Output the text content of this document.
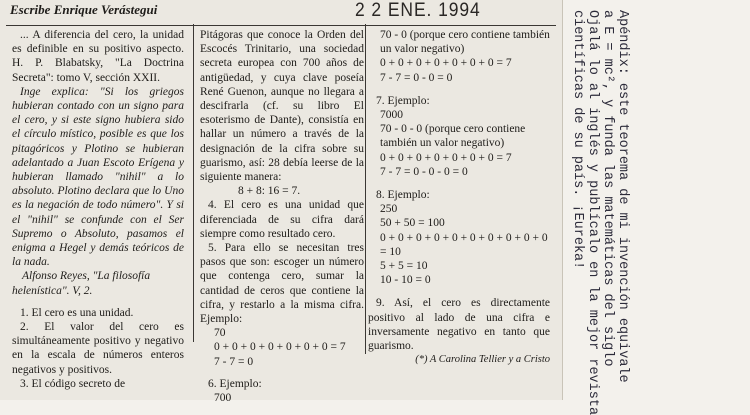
Escribe Enrique Verástegui	2 2 ENE. 1994

... A diferencia del cero, la unidad es definible en su positivo aspecto. H. P. Blabatsky, "La Doctrina Secreta": tomo V, sección XXII.

Inge explica: "Si los griegos hubieran contado con un signo para el cero, y si este signo hubiera sido el círculo místico, posible es que los pitagóricos y Plotino se hubieran adelantado a Juan Escoto Erígena y hubieran llamado "nihil" a lo absoluto. Plotino declara que lo Uno es la negación de todo número". Y si el "nihil" se confunde con el Ser Supremo o Absoluto, pasamos el enigma a Hegel y demás teóricos de la nada.

Alfonso Reyes, "La filosofía helenística". V, 2.

1. El cero es una unidad.

2. El valor del cero es simultáneamente positivo y negativo en la escala de números enteros negativos y positivos.

3. El código secreto de

Pitágoras que conoce la Orden del Escocés Trinitario, una sociedad secreta europea con 700 años de antigüedad, y cuya clave poseía René Guenon, aunque no llegara a descifrarla (cf. su libro El esoterismo de Dante), consistía en hallar un número a través de la designación de la cifra sobre su guarismo, así: 28 debía leerse de la siguiente manera:

8 + 8: 16 = 7.

4. El cero es una unidad que diferenciada de su cifra dará siempre como resultado cero.

5. Para ello se necesitan tres pasos que son: escoger un número que contenga cero, sumar la cantidad de ceros que contiene la cifra, y restarlo a la misma cifra. Ejemplo:

70

0 + 0 + 0 + 0 + 0 + 0 + 0 = 7

7 - 7 = 0

6. Ejemplo:

700

70 - 0 (porque cero contiene también un valor negativo)

0 + 0 + 0 + 0 + 0 + 0 + 0 = 7

7 - 7 = 0 - 0 = 0

7. Ejemplo:

7000

70 - 0 - 0 (porque cero contiene también un valor negativo)

0 + 0 + 0 + 0 + 0 + 0 + 0 = 7

7 - 7 = 0 - 0 - 0 = 0

8. Ejemplo:

250

50 + 50 = 100

0 + 0 + 0 + 0 + 0 + 0 + 0 + 0 + 0 + 0 = 10

5 + 5 = 10

10 - 10 = 0

9. Así, el cero es directamente positivo al lado de una cifra e inversamente negativo en tanto que guarismo.

(*) A Carolina Tellier y a Cristo	Apéndix: este teorema de mi invención equivale
a E = mc², y funda las matemáticas del siglo
Ojalá lo al inglés y publícalo en la mejor revista
científicas de su país. ¡Eureka!
